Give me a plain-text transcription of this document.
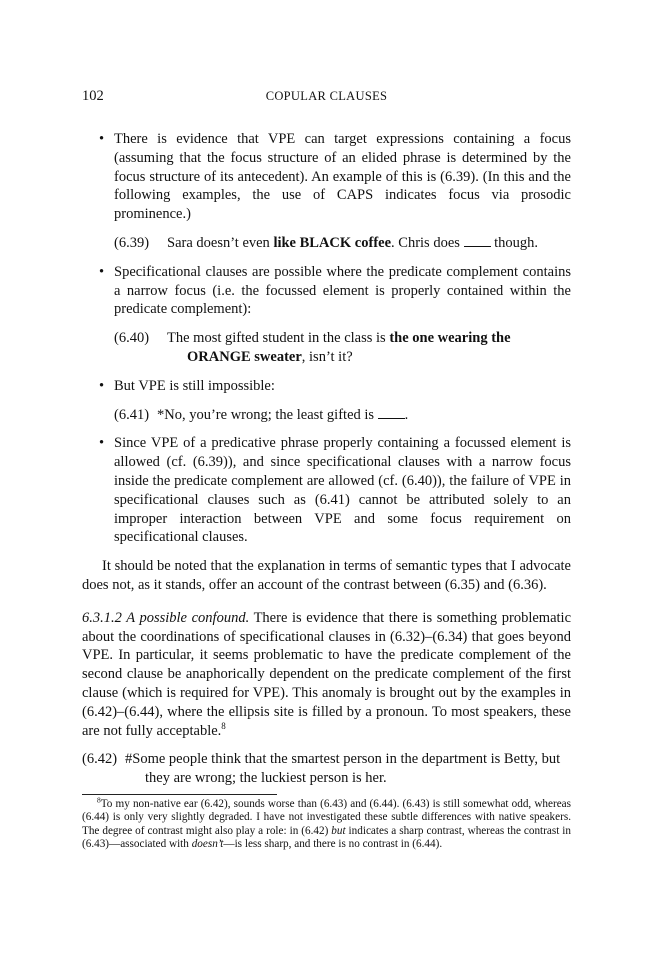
102	COPULAR CLAUSES
• There is evidence that VPE can target expressions containing a focus (assuming that the focus structure of an elided phrase is determined by the focus structure of its antecedent). An example of this is (6.39). (In this and the following examples, the use of CAPS indicates focus via prosodic prominence.)
(6.39)	Sara doesn’t even like BLACK coffee. Chris does  though.
• Specificational clauses are possible where the predicate complement contains a narrow focus (i.e. the focussed element is properly contained within the predicate complement):
(6.40)	The most gifted student in the class is the one wearing the ORANGE sweater, isn’t it?
• But VPE is still impossible:
(6.41) *No, you’re wrong; the least gifted is .
• Since VPE of a predicative phrase properly containing a focussed element is allowed (cf. (6.39)), and since specificational clauses with a narrow focus inside the predicate complement are allowed (cf. (6.40)), the failure of VPE in specificational clauses such as (6.41) cannot be attributed solely to an improper interaction between VPE and some focus requirement on specificational clauses.
It should be noted that the explanation in terms of semantic types that I advocate does not, as it stands, offer an account of the contrast between (6.35) and (6.36).
6.3.1.2 A possible confound. There is evidence that there is something problematic about the coordinations of specificational clauses in (6.32)–(6.34) that goes beyond VPE. In particular, it seems problematic to have the predicate complement of the second clause be anaphorically dependent on the predicate complement of the first clause (which is required for VPE). This anomaly is brought out by the examples in (6.42)–(6.44), where the ellipsis site is filled by a pronoun. To most speakers, these are not fully acceptable.$^8$
(6.42) #Some people think that the smartest person in the department is Betty, but they are wrong; the luckiest person is her.
$^8$To my non-native ear (6.42), sounds worse than (6.43) and (6.44). (6.43) is still somewhat odd, whereas (6.44) is only very slightly degraded. I have not investigated these subtle differences with native speakers. The degree of contrast might also play a role: in (6.42) but indicates a sharp contrast, whereas the contrast in (6.43)—associated with doesn’t—is less sharp, and there is no contrast in (6.44).
